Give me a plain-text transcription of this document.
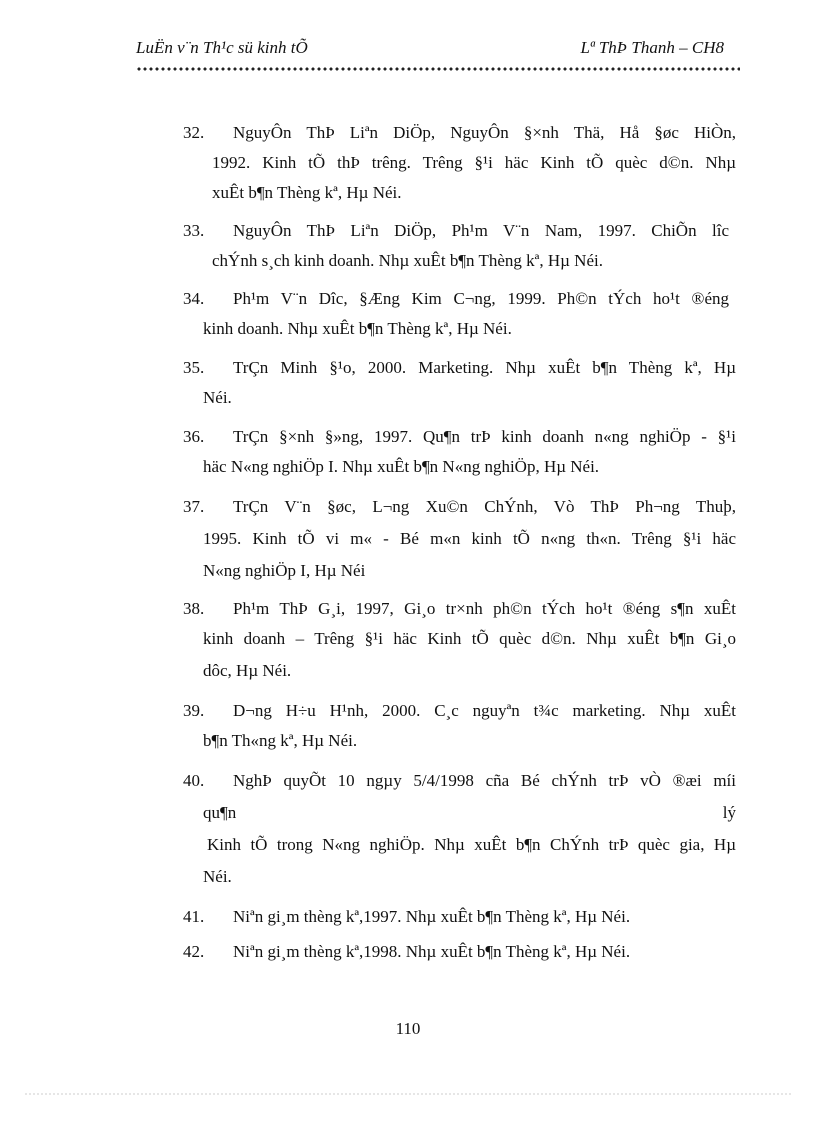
LuËn v¨n Th¹c sü kinh tÕ	Lª ThÞ Thanh – CH8
32. NguyÔn ThÞ Liªn DiÖp, NguyÔn §×nh Thä, Hå §øc HiÒn,
1992. Kinh tÕ thÞ trêng. Trêng §¹i häc Kinh tÕ quèc d©n. Nhµ
xuÊt b¶n Thèng kª, Hµ Néi.
33. NguyÔn ThÞ Liªn DiÖp, Ph¹m V¨n Nam, 1997. ChiÕn lîc
chÝnh s¸ch kinh doanh. Nhµ xuÊt b¶n Thèng kª, Hµ Néi.
34. Ph¹m V¨n Dîc, §Æng Kim C¬ng, 1999. Ph©n tÝch ho¹t ®éng
kinh doanh. Nhµ xuÊt b¶n Thèng kª, Hµ Néi.
35. TrÇn Minh §¹o, 2000. Marketing. Nhµ xuÊt b¶n Thèng kª, Hµ
Néi.
36. TrÇn §×nh §»ng, 1997. Qu¶n trÞ kinh doanh n«ng nghiÖp - §¹i
häc N«ng nghiÖp I. Nhµ xuÊt b¶n N«ng nghiÖp, Hµ Néi.
37. TrÇn V¨n §øc, L¬ng Xu©n ChÝnh, Vò ThÞ Ph¬ng Thuþ,
1995. Kinh tÕ vi m« - Bé m«n kinh tÕ n«ng th«n. Trêng §¹i häc
N«ng nghiÖp I, Hµ Néi
38. Ph¹m ThÞ G¸i, 1997, Gi¸o tr×nh ph©n tÝch ho¹t ®éng s¶n xuÊt
kinh doanh – Trêng §¹i häc Kinh tÕ quèc d©n. Nhµ xuÊt b¶n Gi¸o
dôc, Hµ Néi.
39. D¬ng H÷u H¹nh, 2000. C¸c nguyªn t¾c marketing. Nhµ xuÊt
b¶n Th«ng kª, Hµ Néi.
40. NghÞ quyÕt 10 ngµy 5/4/1998 cña Bé chÝnh trÞ vÒ ®æi míi
qu¶n lý
Kinh tÕ trong N«ng nghiÖp. Nhµ xuÊt b¶n ChÝnh trÞ quèc gia, Hµ
Néi.
41. Niªn gi¸m thèng kª,1997. Nhµ xuÊt b¶n Thèng kª, Hµ Néi.
42. Niªn gi¸m thèng kª,1998. Nhµ xuÊt b¶n Thèng kª, Hµ Néi.
110
